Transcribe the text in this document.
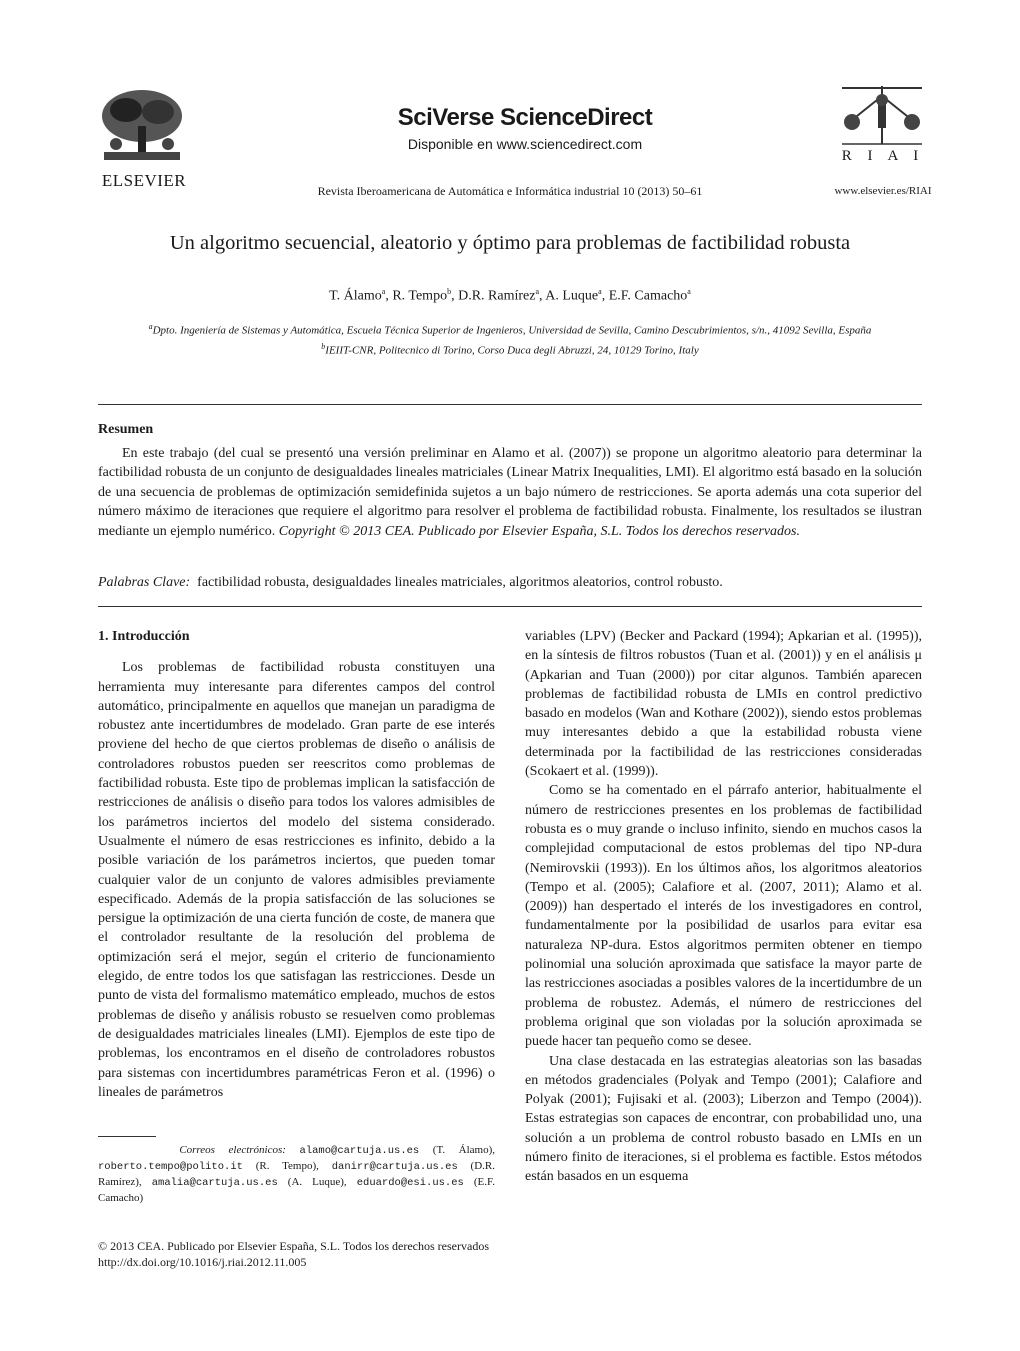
ELSEVIER
SciVerse ScienceDirect
Disponible en www.sciencedirect.com
Revista Iberoamericana de Automática e Informática industrial 10 (2013) 50–61
R I A I
www.elsevier.es/RIAI
Un algoritmo secuencial, aleatorio y óptimo para problemas de factibilidad robusta
T. Álamo$^a$, R. Tempo$^b$, D.R. Ramírez$^a$, A. Luque$^a$, E.F. Camacho$^a$
$^a$Dpto. Ingeniería de Sistemas y Automática, Escuela Técnica Superior de Ingenieros, Universidad de Sevilla, Camino Descubrimientos, s/n., 41092 Sevilla, España
$^b$IEIIT-CNR, Politecnico di Torino, Corso Duca degli Abruzzi, 24, 10129 Torino, Italy
Resumen

En este trabajo (del cual se presentó una versión preliminar en Alamo et al. (2007)) se propone un algoritmo aleatorio para determinar la factibilidad robusta de un conjunto de desigualdades lineales matriciales (Linear Matrix Inequalities, LMI). El algoritmo está basado en la solución de una secuencia de problemas de optimización semidefinida sujetos a un bajo número de restricciones. Se aporta además una cota superior del número máximo de iteraciones que requiere el algoritmo para resolver el problema de factibilidad robusta. Finalmente, los resultados se ilustran mediante un ejemplo numérico. Copyright © 2013 CEA. Publicado por Elsevier España, S.L. Todos los derechos reservados.

Palabras Clave: factibilidad robusta, desigualdades lineales matriciales, algoritmos aleatorios, control robusto.
1. Introducción

Los problemas de factibilidad robusta constituyen una herramienta muy interesante para diferentes campos del control automático, principalmente en aquellos que manejan un paradigma de robustez ante incertidumbres de modelado. Gran parte de ese interés proviene del hecho de que ciertos problemas de diseño o análisis de controladores robustos pueden ser reescritos como problemas de factibilidad robusta. Este tipo de problemas implican la satisfacción de restricciones de análisis o diseño para todos los valores admisibles de los parámetros inciertos del modelo del sistema considerado. Usualmente el número de esas restricciones es infinito, debido a la posible variación de los parámetros inciertos, que pueden tomar cualquier valor de un conjunto de valores admisibles previamente especificado. Además de la propia satisfacción de las soluciones se persigue la optimización de una cierta función de coste, de manera que el controlador resultante de la resolución del problema de optimización será el mejor, según el criterio de funcionamiento elegido, de entre todos los que satisfagan las restricciones. Desde un punto de vista del formalismo matemático empleado, muchos de estos problemas de diseño y análisis robusto se resuelven como problemas de desigualdades matriciales lineales (LMI). Ejemplos de este tipo de problemas, los encontramos en el diseño de controladores robustos para sistemas con incertidumbres paramétricas Feron et al. (1996) o lineales de parámetros

variables (LPV) (Becker and Packard (1994); Apkarian et al. (1995)), en la síntesis de filtros robustos (Tuan et al. (2001)) y en el análisis μ (Apkarian and Tuan (2000)) por citar algunos. También aparecen problemas de factibilidad robusta de LMIs en control predictivo basado en modelos (Wan and Kothare (2002)), siendo estos problemas muy interesantes debido a que la estabilidad robusta viene determinada por la factibilidad de las restricciones consideradas (Scokaert et al. (1999)).

Como se ha comentado en el párrafo anterior, habitualmente el número de restricciones presentes en los problemas de factibilidad robusta es o muy grande o incluso infinito, siendo en muchos casos la complejidad computacional de estos problemas del tipo NP-dura (Nemirovskii (1993)). En los últimos años, los algoritmos aleatorios (Tempo et al. (2005); Calafiore et al. (2007, 2011); Alamo et al. (2009)) han despertado el interés de los investigadores en control, fundamentalmente por la posibilidad de usarlos para evitar esa naturaleza NP-dura. Estos algoritmos permiten obtener en tiempo polinomial una solución aproximada que satisface la mayor parte de las restricciones asociadas a posibles valores de la incertidumbre de un problema de robustez. Además, el número de restricciones del problema original que son violadas por la solución aproximada se puede hacer tan pequeño como se desee.

Una clase destacada en las estrategias aleatorias son las basadas en métodos gradenciales (Polyak and Tempo (2001); Calafiore and Polyak (2001); Fujisaki et al. (2003); Liberzon and Tempo (2004)). Estas estrategias son capaces de encontrar, con probabilidad uno, una solución a un problema de control robusto basado en LMIs en un número finito de iteraciones, si el problema es factible. Estos métodos están basados en un esquema

Correos electrónicos: alamo@cartuja.us.es (T. Álamo), roberto.tempo@polito.it (R. Tempo), danirr@cartuja.us.es (D.R. Ramírez), amalia@cartuja.us.es (A. Luque), eduardo@esi.us.es (E.F. Camacho)
© 2013 CEA. Publicado por Elsevier España, S.L. Todos los derechos reservados
http://dx.doi.org/10.1016/j.riai.2012.11.005
